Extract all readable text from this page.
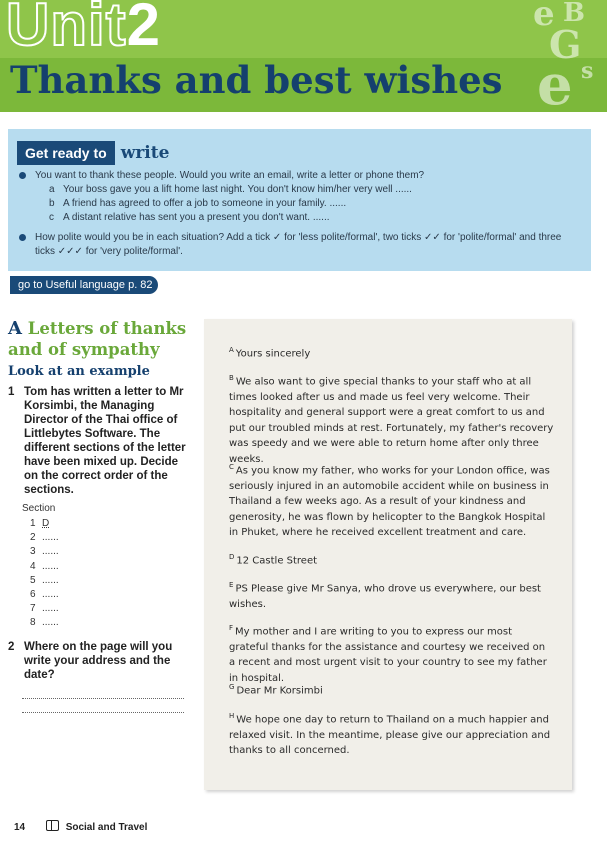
Unit2
Thanks and best wishes
e B
G
e s
Get ready to write
You want to thank these people. Would you write an email, write a letter or phone them?
a Your boss gave you a lift home last night. You don't know him/her very well ......
b A friend has agreed to offer a job to someone in your family. ......
c A distant relative has sent you a present you don't want. ......
How polite would you be in each situation? Add a tick ✓ for 'less polite/formal', two ticks ✓✓ for 'polite/formal' and three ticks ✓✓✓ for 'very polite/formal'.
go to Useful language p. 82
A Letters of thanks and of sympathy
Look at an example
1 Tom has written a letter to Mr Korsimbi, the Managing Director of the Thai office of Littlebytes Software. The different sections of the letter have been mixed up. Decide on the correct order of the sections.
Section
1 D
2 ......
3 ......
4 ......
5 ......
6 ......
7 ......
8 ......
2 Where on the page will you write your address and the date?
$^A$ Yours sincerely
$^B$ We also want to give special thanks to your staff who at all times looked after us and made us feel very welcome. Their hospitality and general support were a great comfort to us and put our troubled minds at rest. Fortunately, my father's recovery was speedy and we were able to return home after only three weeks.
$^C$ As you know my father, who works for your London office, was seriously injured in an automobile accident while on business in Thailand a few weeks ago. As a result of your kindness and generosity, he was flown by helicopter to the Bangkok Hospital in Phuket, where he received excellent treatment and care.
$^D$ 12 Castle Street
$^E$ PS Please give Mr Sanya, who drove us everywhere, our best wishes.
$^F$ My mother and I are writing to you to express our most grateful thanks for the assistance and courtesy we received on a recent and most urgent visit to your country to see my father in hospital.
$^G$ Dear Mr Korsimbi
$^H$ We hope one day to return to Thailand on a much happier and relaxed visit. In the meantime, please give our appreciation and thanks to all concerned.
14	Social and Travel
